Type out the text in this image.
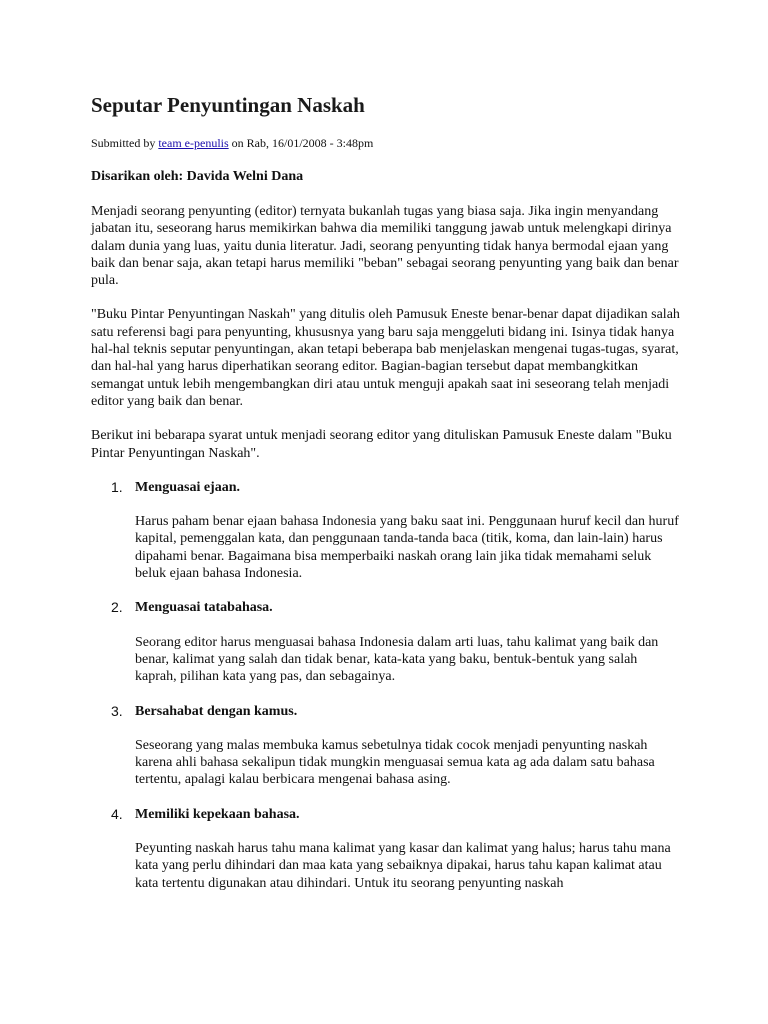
Seputar Penyuntingan Naskah
Submitted by team e-penulis on Rab, 16/01/2008 - 3:48pm
Disarikan oleh: Davida Welni Dana

Menjadi seorang penyunting (editor) ternyata bukanlah tugas yang biasa saja. Jika ingin menyandang jabatan itu, seseorang harus memikirkan bahwa dia memiliki tanggung jawab untuk melengkapi dirinya dalam dunia yang luas, yaitu dunia literatur. Jadi, seorang penyunting tidak hanya bermodal ejaan yang baik dan benar saja, akan tetapi harus memiliki "beban" sebagai seorang penyunting yang baik dan benar pula.

"Buku Pintar Penyuntingan Naskah" yang ditulis oleh Pamusuk Eneste benar-benar dapat dijadikan salah satu referensi bagi para penyunting, khususnya yang baru saja menggeluti bidang ini. Isinya tidak hanya hal-hal teknis seputar penyuntingan, akan tetapi beberapa bab menjelaskan mengenai tugas-tugas, syarat, dan hal-hal yang harus diperhatikan seorang editor. Bagian-bagian tersebut dapat membangkitkan semangat untuk lebih mengembangkan diri atau untuk menguji apakah saat ini seseorang telah menjadi editor yang baik dan benar.

Berikut ini bebarapa syarat untuk menjadi seorang editor yang dituliskan Pamusuk Eneste dalam "Buku Pintar Penyuntingan Naskah".

1. Menguasai ejaan.
Harus paham benar ejaan bahasa Indonesia yang baku saat ini. Penggunaan huruf kecil dan huruf kapital, pemenggalan kata, dan penggunaan tanda-tanda baca (titik, koma, dan lain-lain) harus dipahami benar. Bagaimana bisa memperbaiki naskah orang lain jika tidak memahami seluk beluk ejaan bahasa Indonesia.
2. Menguasai tatabahasa.
Seorang editor harus menguasai bahasa Indonesia dalam arti luas, tahu kalimat yang baik dan benar, kalimat yang salah dan tidak benar, kata-kata yang baku, bentuk-bentuk yang salah kaprah, pilihan kata yang pas, dan sebagainya.
3. Bersahabat dengan kamus.
Seseorang yang malas membuka kamus sebetulnya tidak cocok menjadi penyunting naskah karena ahli bahasa sekalipun tidak mungkin menguasai semua kata ag ada dalam satu bahasa tertentu, apalagi kalau berbicara mengenai bahasa asing.
4. Memiliki kepekaan bahasa.
Peyunting naskah harus tahu mana kalimat yang kasar dan kalimat yang halus; harus tahu mana kata yang perlu dihindari dan maa kata yang sebaiknya dipakai, harus tahu kapan kalimat atau kata tertentu digunakan atau dihindari. Untuk itu seorang penyunting naskah
